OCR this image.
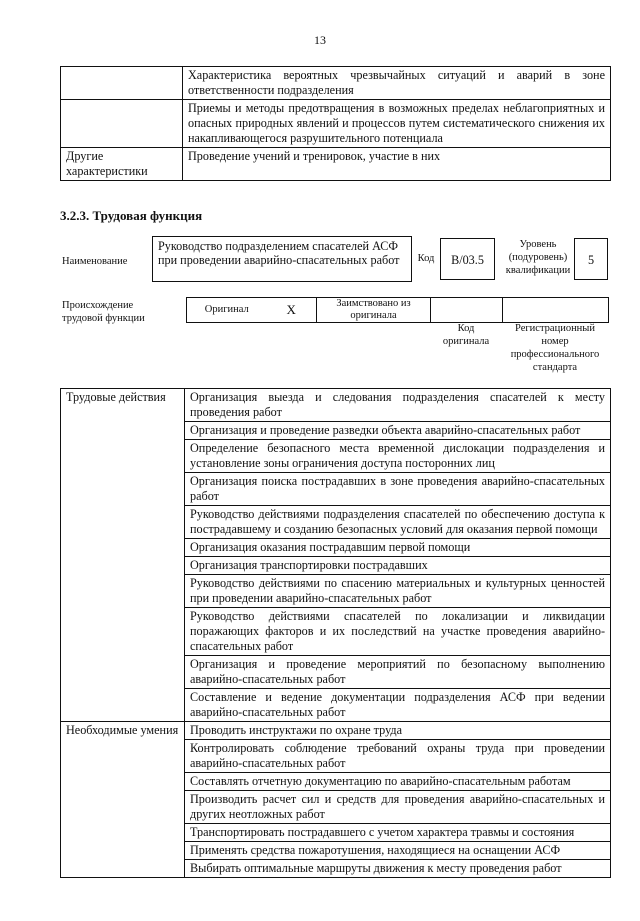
13
	Характеристика вероятных чрезвычайных ситуаций и аварий в зоне ответственности подразделения
	Приемы и методы предотвращения в возможных пределах неблагоприятных и опасных природных явлений и процессов путем систематического снижения их накапливающегося разрушительного потенциала
Другие характеристики	Проведение учений и тренировок, участие в них
3.2.3. Трудовая функция
Наименование
Руководство подразделением спасателей АСФ при проведении аварийно-спасательных работ	Код	B/03.5
Уровень (подуровень) квалификации
5
Происхождение трудовой функции
Оригинал	X	Заимствовано из оригинала		
Код оригинала
Регистрационный номер профессионального стандарта
Трудовые действия	Организация выезда и следования подразделения спасателей к месту проведения работ
	Организация и проведение разведки объекта аварийно-спасательных работ
	Определение безопасного места временной дислокации подразделения и установление зоны ограничения доступа посторонних лиц
	Организация поиска пострадавших в зоне проведения аварийно-спасательных работ
	Руководство действиями подразделения спасателей по обеспечению доступа к пострадавшему и созданию безопасных условий для оказания первой помощи
	Организация оказания пострадавшим первой помощи
	Организация транспортировки пострадавших
	Руководство действиями по спасению материальных и культурных ценностей при проведении аварийно-спасательных работ
	Руководство действиями спасателей по локализации и ликвидации поражающих факторов и их последствий на участке проведения аварийно-спасательных работ
	Организация и проведение мероприятий по безопасному выполнению аварийно-спасательных работ
	Составление и ведение документации подразделения АСФ при ведении аварийно-спасательных работ
Необходимые умения	Проводить инструктажи по охране труда
	Контролировать соблюдение требований охраны труда при проведении аварийно-спасательных работ
	Составлять отчетную документацию по аварийно-спасательным работам
	Производить расчет сил и средств для проведения аварийно-спасательных и других неотложных работ
	Транспортировать пострадавшего с учетом характера травмы и состояния
	Применять средства пожаротушения, находящиеся на оснащении АСФ
	Выбирать оптимальные маршруты движения к месту проведения работ
